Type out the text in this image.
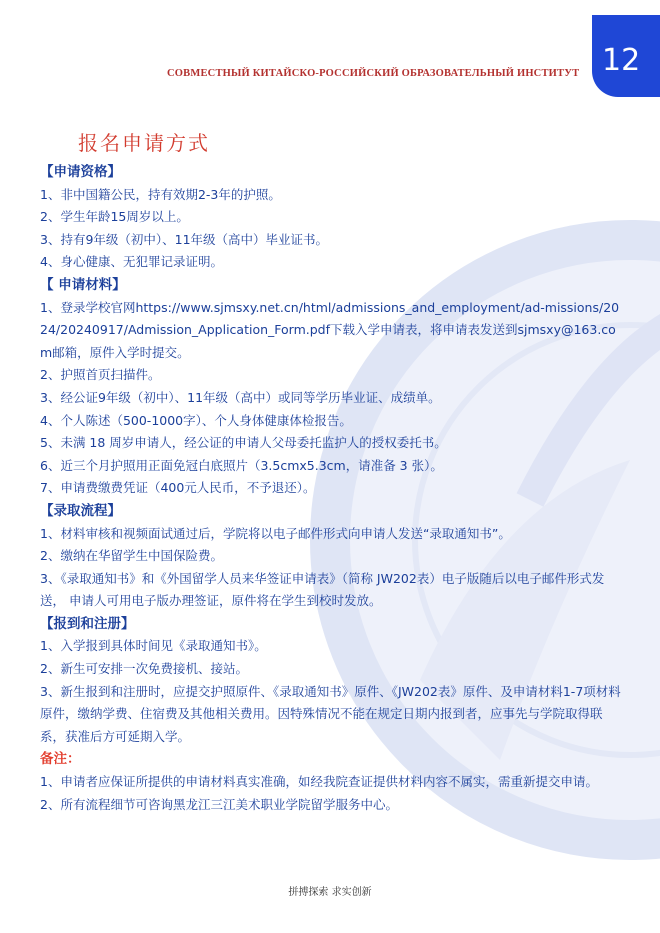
СОВМЕСТНЫЙ КИТАЙСКО-РОССИЙСКИЙ ОБРАЗОВАТЕЛЬНЫЙ ИНСТИТУТ 12
报名申请方式

【申请资格】

1、非中国籍公民，持有效期2-3年的护照。

2、学生年龄15周岁以上。

3、持有9年级（初中）、11年级（高中）毕业证书。

4、身心健康、无犯罪记录证明。

【 申请材料】

1、登录学校官网https://www.sjmsxy.net.cn/html/admissions_and_employment/ad-missions/2024/20240917/Admission_Application_Form.pdf下载入学申请表，将申请表发送到sjmsxy@163.com邮箱，原件入学时提交。

2、护照首页扫描件。

3、经公证9年级（初中）、11年级（高中）或同等学历毕业证、成绩单。

4、个人陈述（500-1000字）、个人身体健康体检报告。

5、未满 18 周岁申请人，经公证的申请人父母委托监护人的授权委托书。

6、近三个月护照用正面免冠白底照片（3.5cmx5.3cm，请准备 3 张）。

7、申请费缴费凭证（400元人民币，不予退还）。

【录取流程】

1、材料审核和视频面试通过后，学院将以电子邮件形式向申请人发送“录取通知书”。

2、缴纳在华留学生中国保险费。

3、《录取通知书》和《外国留学人员来华签证申请表》（简称 JW202表）电子版随后以电子邮件形式发送， 申请人可用电子版办理签证，原件将在学生到校时发放。

【报到和注册】

1、入学报到具体时间见《录取通知书》。

2、新生可安排一次免费接机、接站。

3、新生报到和注册时，应提交护照原件、《录取通知书》原件、《JW202表》原件、及申请材料1-7项材料原件，缴纳学费、住宿费及其他相关费用。因特殊情况不能在规定日期内报到者，应事先与学院取得联系，获准后方可延期入学。

备注：

1、申请者应保证所提供的申请材料真实准确，如经我院查证提供材料内容不属实，需重新提交申请。

2、所有流程细节可咨询黑龙江三江美术职业学院留学服务中心。

拼搏探索 求实创新
